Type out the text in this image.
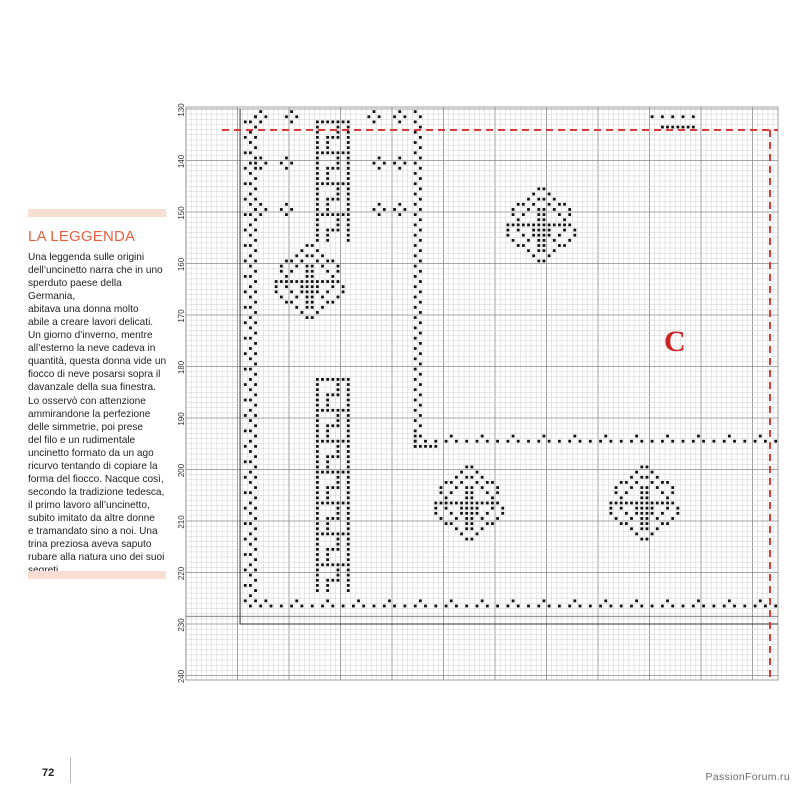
LA LEGGENDA
Una leggenda sulle origini
dell’uncinetto narra che in uno
sperduto paese della Germania,
abitava una donna molto
abile a creare lavori delicati.
Un giorno d’inverno, mentre
all’esterno la neve cadeva in
quantità, questa donna vide un
fiocco di neve posarsi sopra il
davanzale della sua finestra.
Lo osservò con attenzione
ammirandone la perfezione
delle simmetrie, poi prese
del filo e un rudimentale
uncinetto formato da un ago
ricurvo tentando di copiare la
forma del fiocco. Nacque così,
secondo la tradizione tedesca,
il primo lavoro all’uncinetto,
subito imitato da altre donne
e tramandato sino a noi. Una
trina preziosa aveva saputo
rubare alla natura uno dei suoi
130
140
150
160
170
180
190
200
210
220
230
240
C
72	PassionForum.ru
